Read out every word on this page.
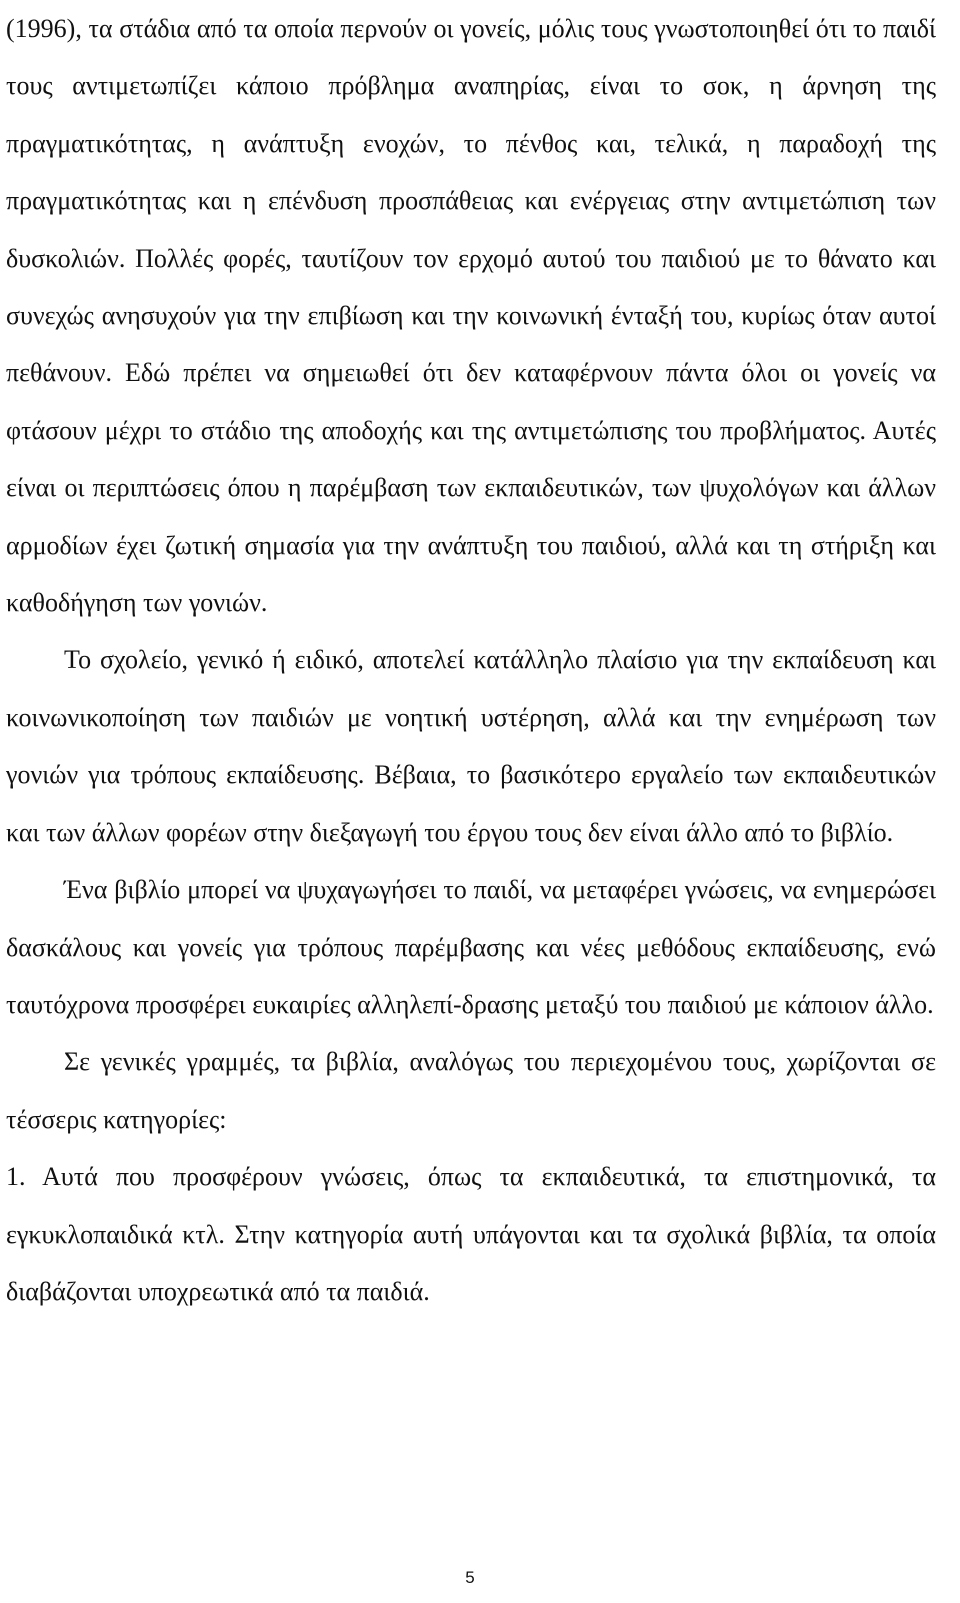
(1996), τα στάδια από τα οποία περνούν οι γονείς, μόλις τους γνωστοποιηθεί ότι το παιδί τους αντιμετωπίζει κάποιο πρόβλημα αναπηρίας, είναι το σοκ, η άρνηση της πραγματικότητας, η ανάπτυξη ενοχών, το πένθος και, τελικά, η παραδοχή της πραγματικότητας και η επένδυση προσπάθειας και ενέργειας στην αντιμετώπιση των δυσκολιών. Πολλές φορές, ταυτίζουν τον ερχομό αυτού του παιδιού με το θάνατο και συνεχώς ανησυχούν για την επιβίωση και την κοινωνική ένταξή του, κυρίως όταν αυτοί πεθάνουν. Εδώ πρέπει να σημειωθεί ότι δεν καταφέρνουν πάντα όλοι οι γονείς να φτάσουν μέχρι το στάδιο της αποδοχής και της αντιμετώπισης του προβλήματος. Αυτές είναι οι περιπτώσεις όπου η παρέμβαση των εκπαιδευτικών, των ψυχολόγων και άλλων αρμοδίων έχει ζωτική σημασία για την ανάπτυξη του παιδιού, αλλά και τη στήριξη και καθοδήγηση των γονιών.

Το σχολείο, γενικό ή ειδικό, αποτελεί κατάλληλο πλαίσιο για την εκπαίδευση και κοινωνικοποίηση των παιδιών με νοητική υστέρηση, αλλά και την ενημέρωση των γονιών για τρόπους εκπαίδευσης. Βέβαια, το βασικότερο εργαλείο των εκπαιδευτικών και των άλλων φορέων στην διεξαγωγή του έργου τους δεν είναι άλλο από το βιβλίο.

Ένα βιβλίο μπορεί να ψυχαγωγήσει το παιδί, να μεταφέρει γνώσεις, να ενημερώσει δασκάλους και γονείς για τρόπους παρέμβασης και νέες μεθόδους εκπαίδευσης, ενώ ταυτόχρονα προσφέρει ευκαιρίες αλληλεπί-δρασης μεταξύ του παιδιού με κάποιον άλλο.

Σε γενικές γραμμές, τα βιβλία, αναλόγως του περιεχομένου τους, χωρίζονται σε τέσσερις κατηγορίες:

1. Αυτά που προσφέρουν γνώσεις, όπως τα εκπαιδευτικά, τα επιστημονικά, τα εγκυκλοπαιδικά κτλ. Στην κατηγορία αυτή υπάγονται και τα σχολικά βιβλία, τα οποία διαβάζονται υποχρεωτικά από τα παιδιά.

5
